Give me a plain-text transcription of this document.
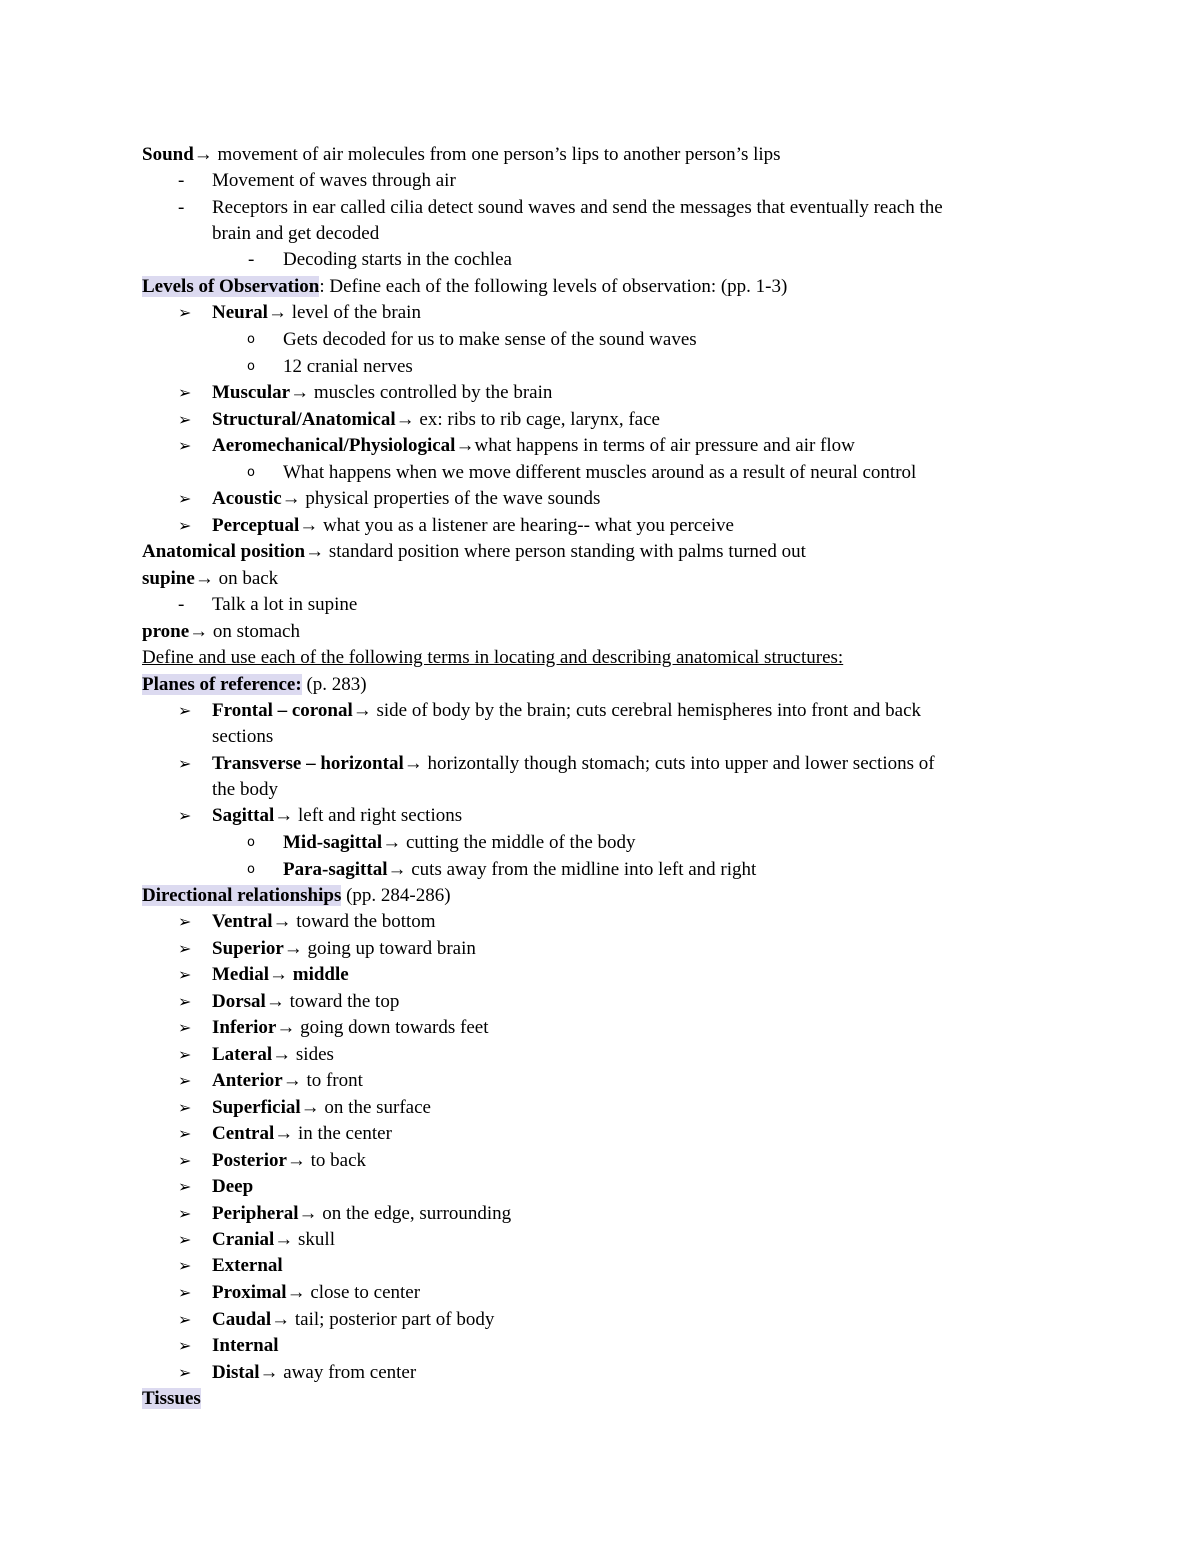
Sound→ movement of air molecules from one person’s lips to another person’s lips
- Movement of waves through air
- Receptors in ear called cilia detect sound waves and send the messages that eventually reach the
brain and get decoded
- Decoding starts in the cochlea
Levels of Observation: Define each of the following levels of observation: (pp. 1-3)
➢ Neural→ level of the brain
o Gets decoded for us to make sense of the sound waves
o 12 cranial nerves
➢ Muscular→ muscles controlled by the brain
➢ Structural/Anatomical→ ex: ribs to rib cage, larynx, face
➢ Aeromechanical/Physiological→what happens in terms of air pressure and air flow
o What happens when we move different muscles around as a result of neural control
➢ Acoustic→ physical properties of the wave sounds
➢ Perceptual→ what you as a listener are hearing-- what you perceive
Anatomical position→ standard position where person standing with palms turned out
supine→ on back
- Talk a lot in supine
prone→ on stomach
Define and use each of the following terms in locating and describing anatomical structures:
Planes of reference: (p. 283)
➢ Frontal – coronal→ side of body by the brain; cuts cerebral hemispheres into front and back
sections
➢ Transverse – horizontal→ horizontally though stomach; cuts into upper and lower sections of
the body
➢ Sagittal→ left and right sections
o Mid-sagittal→ cutting the middle of the body
o Para-sagittal→ cuts away from the midline into left and right
Directional relationships (pp. 284-286)
➢ Ventral→ toward the bottom
➢ Superior→ going up toward brain
➢ Medial→ middle
➢ Dorsal→ toward the top
➢ Inferior→ going down towards feet
➢ Lateral→ sides
➢ Anterior→ to front
➢ Superficial→ on the surface
➢ Central→ in the center
➢ Posterior→ to back
➢ Deep
➢ Peripheral→ on the edge, surrounding
➢ Cranial→ skull
➢ External
➢ Proximal→ close to center
➢ Caudal→ tail; posterior part of body
➢ Internal
➢ Distal→ away from center
Tissues
